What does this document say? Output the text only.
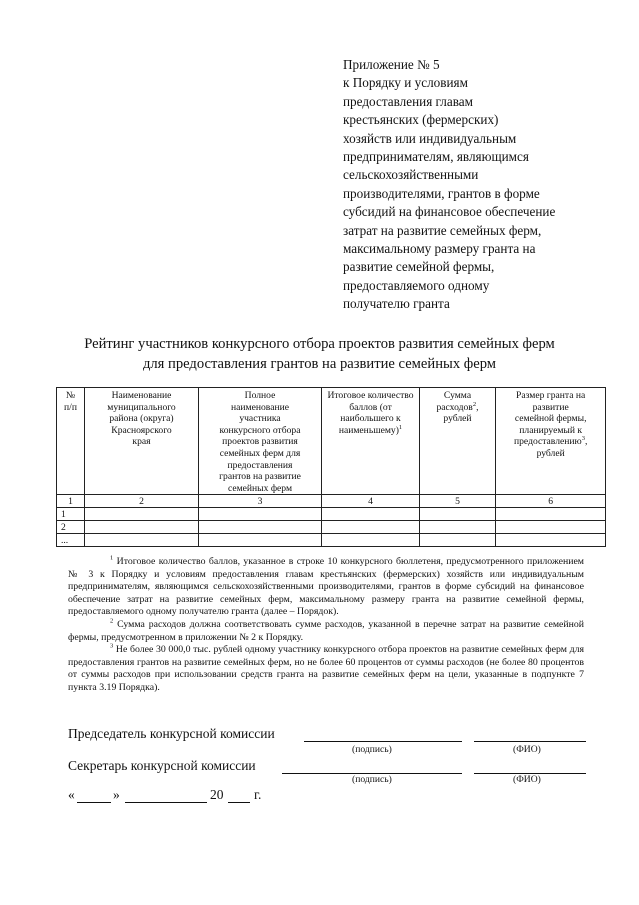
Приложение № 5
к Порядку и условиям
предоставления главам
крестьянских (фермерских)
хозяйств или индивидуальным
предпринимателям, являющимся
сельскохозяйственными
производителями, грантов в форме
субсидий на финансовое обеспечение
затрат на развитие семейных ферм,
максимальному размеру гранта на
развитие семейной фермы,
предоставляемого одному
получателю гранта
Рейтинг участников конкурсного отбора проектов развития семейных ферм
для предоставления грантов на развитие семейных ферм
№ п/п	Наименование муниципального района (округа) Красноярского края	Полное наименование участника конкурсного отбора проектов развития семейных ферм для предоставления грантов на развитие семейных ферм	Итоговое количество баллов (от наибольшего к наименьшему)$^1$	Сумма расходов$^2$, рублей	Размер гранта на развитие семейной фермы, планируемый к предоставлению$^3$, рублей
1	2	3	4	5	6
1					
2					
...					

$^1$ Итоговое количество баллов, указанное в строке 10 конкурсного бюллетеня, предусмотренного приложением № 3 к Порядку и условиям предоставления главам крестьянских (фермерских) хозяйств или индивидуальным предпринимателям, являющимся сельскохозяйственными производителями, грантов в форме субсидий на финансовое обеспечение затрат на развитие семейных ферм, максимальному размеру гранта на развитие семейной фермы, предоставляемого одному получателю гранта (далее – Порядок).

$^2$ Сумма расходов должна соответствовать сумме расходов, указанной в перечне затрат на развитие семейной фермы, предусмотренном в приложении № 2 к Порядку.

$^3$ Не более 30 000,0 тыс. рублей одному участнику конкурсного отбора проектов на развитие семейных ферм для предоставления грантов на развитие семейных ферм, но не более 60 процентов от суммы расходов (не более 80 процентов от суммы расходов при использовании средств гранта на развитие семейных ферм на цели, указанные в подпункте 7 пункта 3.19 Порядка).

Председатель конкурсной комиссии
(подпись)	(ФИО)
Секретарь конкурсной комиссии
(подпись)	(ФИО)
«	»	20 г.
